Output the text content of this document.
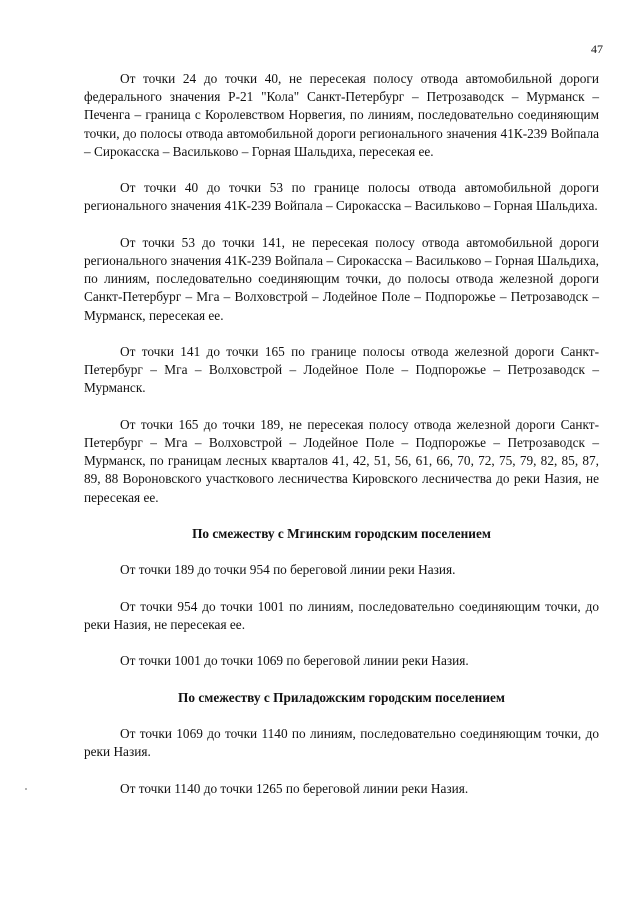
47

От точки 24 до точки 40, не пересекая полосу отвода автомобильной дороги федерального значения Р-21 "Кола" Санкт-Петербург – Петрозаводск – Мурманск – Печенга – граница с Королевством Норвегия, по линиям, последовательно соединяющим точки, до полосы отвода автомобильной дороги регионального значения 41К-239 Войпала – Сирокасска – Васильково – Горная Шальдиха, пересекая ее.

От точки 40 до точки 53 по границе полосы отвода автомобильной дороги регионального значения 41К-239 Войпала – Сирокасска – Васильково – Горная Шальдиха.

От точки 53 до точки 141, не пересекая полосу отвода автомобильной дороги регионального значения 41К-239 Войпала – Сирокасска – Васильково – Горная Шальдиха, по линиям, последовательно соединяющим точки, до полосы отвода железной дороги Санкт-Петербург – Мга – Волховстрой – Лодейное Поле – Подпорожье – Петрозаводск – Мурманск, пересекая ее.

От точки 141 до точки 165 по границе полосы отвода железной дороги Санкт-Петербург – Мга – Волховстрой – Лодейное Поле – Подпорожье – Петрозаводск – Мурманск.

От точки 165 до точки 189, не пересекая полосу отвода железной дороги Санкт-Петербург – Мга – Волховстрой – Лодейное Поле – Подпорожье – Петрозаводск – Мурманск, по границам лесных кварталов 41, 42, 51, 56, 61, 66, 70, 72, 75, 79, 82, 85, 87, 89, 88 Вороновского участкового лесничества Кировского лесничества до реки Назия, не пересекая ее.

По смежеству с Мгинским городским поселением

От точки 189 до точки 954 по береговой линии реки Назия.

От точки 954 до точки 1001 по линиям, последовательно соединяющим точки, до реки Назия, не пересекая ее.

От точки 1001 до точки 1069 по береговой линии реки Назия.

По смежеству с Приладожским городским поселением

От точки 1069 до точки 1140 по линиям, последовательно соединяющим точки, до реки Назия.

От точки 1140 до точки 1265 по береговой линии реки Назия.
